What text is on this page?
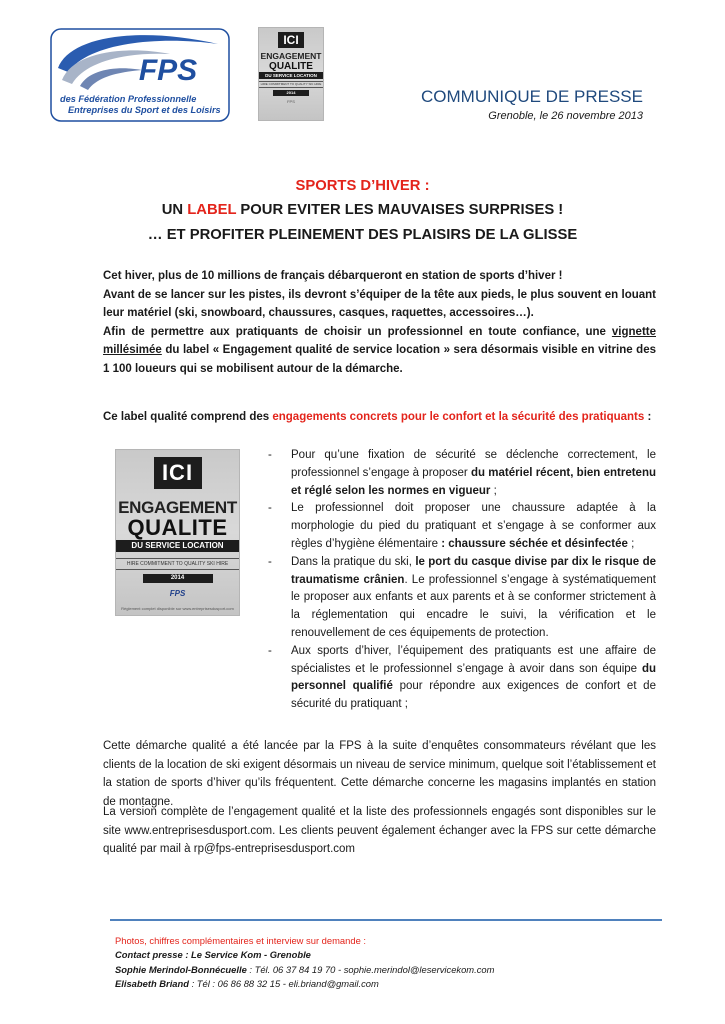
FPS
des Fédération Professionnelle
Entreprises du Sport et des Loisirs
ICI
ENGAGEMENT
QUALITE
DU SERVICE LOCATION
HIRE COMMITMENT TO QUALITY SKI HIRE
2014
FPS	COMMUNIQUE DE PRESSE
Grenoble, le 26 novembre 2013
SPORTS D’HIVER :
UN LABEL POUR EVITER LES MAUVAISES SURPRISES !
… ET PROFITER PLEINEMENT DES PLAISIRS DE LA GLISSE

Cet hiver, plus de 10 millions de français débarqueront en station de sports d’hiver !

Avant de se lancer sur les pistes, ils devront s’équiper de la tête aux pieds, le plus souvent en louant leur matériel (ski, snowboard, chaussures, casques, raquettes, accessoires…).

Afin de permettre aux pratiquants de choisir un professionnel en toute confiance, une vignette millésimée du label « Engagement qualité de service location » sera désormais visible en vitrine des 1 100 loueurs qui se mobilisent autour de la démarche.

Ce label qualité comprend des engagements concrets pour le confort et la sécurité des pratiquants :
ICI
ENGAGEMENT
QUALITE
DU SERVICE LOCATION
HIRE COMMITMENT TO QUALITY SKI HIRE
2014
FPS
Règlement complet disponible sur www.entreprisesdusport.com
- Pour qu’une fixation de sécurité se déclenche correctement, le professionnel s’engage à proposer du matériel récent, bien entretenu et réglé selon les normes en vigueur ;
- Le professionnel doit proposer une chaussure adaptée à la morphologie du pied du pratiquant et s’engage à se conformer aux règles d’hygiène élémentaire : chaussure séchée et désinfectée ;
- Dans la pratique du ski, le port du casque divise par dix le risque de traumatisme crânien. Le professionnel s’engage à systématiquement le proposer aux enfants et aux parents et à se conformer strictement à la réglementation qui encadre le suivi, la vérification et le renouvellement de ces équipements de protection.
- Aux sports d’hiver, l’équipement des pratiquants est une affaire de spécialistes et le professionnel s’engage à avoir dans son équipe du personnel qualifié pour répondre aux exigences de confort et de sécurité du pratiquant ;
Cette démarche qualité a été lancée par la FPS à la suite d’enquêtes consommateurs révélant que les clients de la location de ski exigent désormais un niveau de service minimum, quelque soit l’établissement et la station de sports d’hiver qu’ils fréquentent. Cette démarche concerne les magasins implantés en station de montagne.
La version complète de l’engagement qualité et la liste des professionnels engagés sont disponibles sur le site www.entreprisesdusport.com. Les clients peuvent également échanger avec la FPS sur cette démarche qualité par mail à rp@fps-entreprisesdusport.com
Photos, chiffres complémentaires et interview sur demande :
Contact presse : Le Service Kom - Grenoble
Sophie Merindol-Bonnécuelle : Tél. 06 37 84 19 70 - sophie.merindol@leservicekom.com
Elisabeth Briand : Tél : 06 86 88 32 15 - eli.briand@gmail.com
